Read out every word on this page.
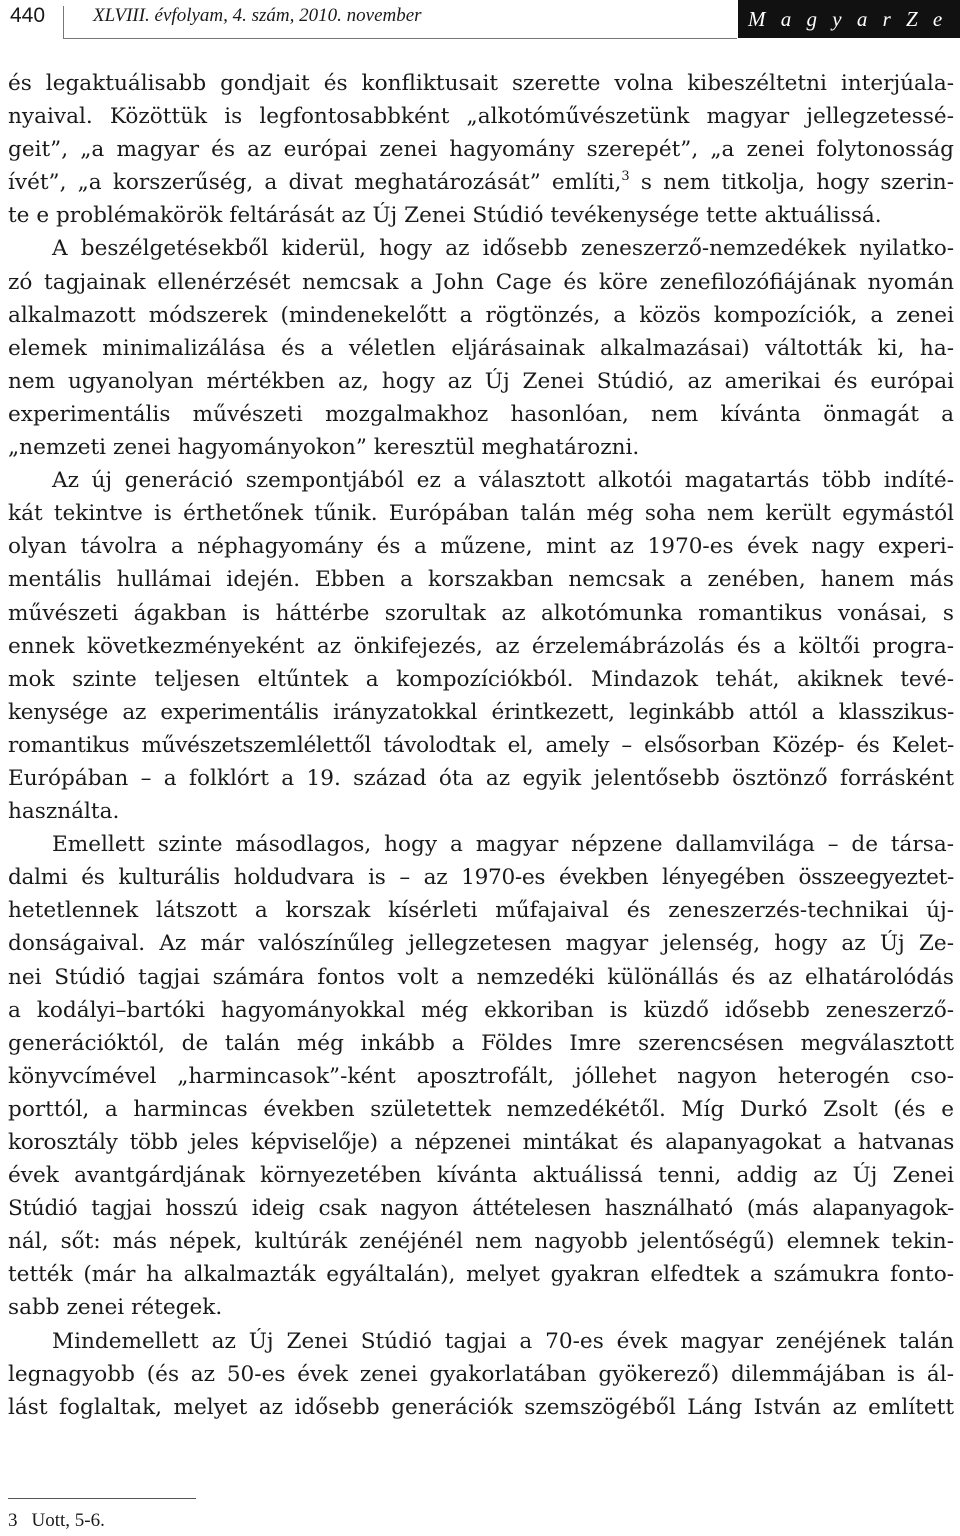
440	XLVIII. évfolyam, 4. szám, 2010. november	M a g y a r Z e n e
és legaktuálisabb gondjait és konfliktusait szerette volna kibeszéltetni interjúala-
nyaival. Közöttük is legfontosabbként „alkotóművészetünk magyar jellegzetessé-
geit”, „a magyar és az európai zenei hagyomány szerepét”, „a zenei folytonosság
ívét”, „a korszerűség, a divat meghatározását” említi,$^3$ s nem titkolja, hogy szerin-
te e problémakörök feltárását az Új Zenei Stúdió tevékenysége tette aktuálissá.
A beszélgetésekből kiderül, hogy az idősebb zeneszerző-nemzedékek nyilatko-
zó tagjainak ellenérzését nemcsak a John Cage és köre zenefilozófiájának nyomán
alkalmazott módszerek (mindenekelőtt a rögtönzés, a közös kompozíciók, a zenei
elemek minimalizálása és a véletlen eljárásainak alkalmazásai) váltották ki, ha-
nem ugyanolyan mértékben az, hogy az Új Zenei Stúdió, az amerikai és európai
experimentális művészeti mozgalmakhoz hasonlóan, nem kívánta önmagát a
„nemzeti zenei hagyományokon” keresztül meghatározni.
Az új generáció szempontjából ez a választott alkotói magatartás több indíté-
kát tekintve is érthetőnek tűnik. Európában talán még soha nem került egymástól
olyan távolra a néphagyomány és a műzene, mint az 1970-es évek nagy experi-
mentális hullámai idején. Ebben a korszakban nemcsak a zenében, hanem más
művészeti ágakban is háttérbe szorultak az alkotómunka romantikus vonásai, s
ennek következményeként az önkifejezés, az érzelemábrázolás és a költői progra-
mok szinte teljesen eltűntek a kompozíciókból. Mindazok tehát, akiknek tevé-
kenysége az experimentális irányzatokkal érintkezett, leginkább attól a klasszikus-
romantikus művészetszemlélettől távolodtak el, amely – elsősorban Közép- és Kelet-
Európában – a folklórt a 19. század óta az egyik jelentősebb ösztönző forrásként
használta.
Emellett szinte másodlagos, hogy a magyar népzene dallamvilága – de társa-
dalmi és kulturális holdudvara is – az 1970-es években lényegében összeegyeztet-
hetetlennek látszott a korszak kísérleti műfajaival és zeneszerzés-technikai új-
donságaival. Az már valószínűleg jellegzetesen magyar jelenség, hogy az Új Ze-
nei Stúdió tagjai számára fontos volt a nemzedéki különállás és az elhatárolódás
a kodályi–bartóki hagyományokkal még ekkoriban is küzdő idősebb zeneszerző-
generációktól, de talán még inkább a Földes Imre szerencsésen megválasztott
könyvcímével „harmincasok”-ként aposztrofált, jóllehet nagyon heterogén cso-
porttól, a harmincas években születettek nemzedékétől. Míg Durkó Zsolt (és e
korosztály több jeles képviselője) a népzenei mintákat és alapanyagokat a hatvanas
évek avantgárdjának környezetében kívánta aktuálissá tenni, addig az Új Zenei
Stúdió tagjai hosszú ideig csak nagyon áttételesen használható (más alapanyagok-
nál, sőt: más népek, kultúrák zenéjénél nem nagyobb jelentőségű) elemnek tekin-
tették (már ha alkalmazták egyáltalán), melyet gyakran elfedtek a számukra fonto-
sabb zenei rétegek.
Mindemellett az Új Zenei Stúdió tagjai a 70-es évek magyar zenéjének talán
legnagyobb (és az 50-es évek zenei gyakorlatában gyökerező) dilemmájában is ál-
lást foglaltak, melyet az idősebb generációk szemszögéből Láng István az említett
3 Uott, 5-6.
